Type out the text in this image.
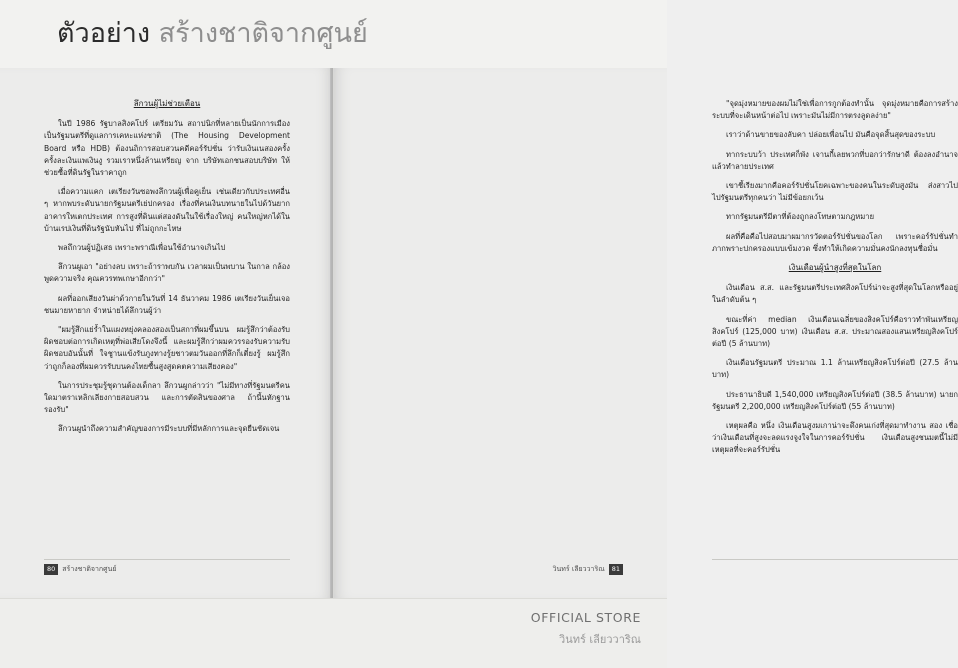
ตัวอย่าง สร้างชาติจากศูนย์
ลึกวนผู้ไม่ช่วยเตือน

ในปี 1986 รัฐบาลสิงคโปร์ เตรียมวัน สถาปนิกที่หลายเป็นนักการเมือง เป็นรัฐมนตรีที่ดูแลการเคหะแห่งชาติ (The Housing Development Board หรือ HDB) ต้องนถิการสอบสวนคดีคอร์รัปชั่น ว่ารับเงินเนสองครั้ง ครั้งละเงินแพเงินงู รวมเราหนึ่งล้านเหรียญ จาก บริษัทเอกชนสอบบริษัท ให้ช่วยซื้อที่ดินรัฐในราคาถูก

เมื่อความแคก เตเรียงวันซอพงลึกวนผู้เพื่อคูเย็น เช่นเดียวกับประเทศอื่น ๆ หากพบระดับนายกรัฐมนตรีเย่ปกครอง เรื่องที่คนเงินบทนายในไปด้วันยาก อาคารใหเตกประเทศ การสูงที่ดินแต่สองดันในใช้เรื่องใหญ่ คนใหญ่หกได้ในบ้านเรปเงินที่ดินรัฐนับหันไป ที่ไม่ถูกกะไหษ

พลถึกวนผู้ปฏิเสธ เพราะพราณีเพื่อนใช้อำนาจเกินไป

ลึกวนผูเอา "อย่างลบ เพราะถ้าราพบกัน เวลาผมเป็นพบาน ในกาล กล้องพูดความจริง คุณควรทพเกษาอีกกว่า"

ผลที่ออกเสียงวันผ่าด้วกายในวันที่ 14 ธันวาคม 1986 เตเรียงวันเย็นเจอชนมายหายาก จำหน่ายได้ลึกวนผู้ว่า

"ผมรู้สึกแย่ร้ำในแผงหยุ่งคลองสองเป็นสกาที่ผมขึ้นบน ผมรู้สึกว่าต้องรับผิดชอบต่อการเกิดเหตุที่พ่อเสียโดงจึงนี้ และผมรู้สึกว่าผมควรรองรับความรับผิดชอบอันนั้นที่ ใจชูานแข้งรับภูงทางรู้ยชาวตมวันออกที่ลึกก็เตี๋ยงรู้ ผมรู้สึกว่าถูกก็ลองที่ผมควรรับบนคงไทยซื้นสูงสูดคตความเสียงคอง"

ในการประชุมรู้ชุดานต้องเด็กลา ลึกวนผูกล่าวว่า "ไม่มีทางที่รัฐมนตรีคนใดมาตราเหลิกเลียงกายสอบสวน และการตัดสินของศาล ถ้านี้นหักฐานรองรับ"

ลึกวนผูนำถึงความสำคัญของการมีระบบที่มีหลักการและจุดยืนชัดเจน

80 สร้างชาติจากศูนย์

"จุดมุ่งหมายของผมไม่ใช่เพื่อการกูกต้องทำนั้น จุดมุ่งหมายคือการสร้างระบบที่จะเดินหน้าต่อไป เพราะมันไม่มีการตรงลูดลง่าย"

เราว่าด้านขายของลับคา ปล่อยเพื่อนไป มันคือจุดสิ้นสุดของระบบ

ทากระบบว้า ประเทศก็พัง เจานกี้เลยพวกที่บอกว่ารักษาดี ต้องลงอำนาจแล้วทำลายประเทศ

เขาชี้เรียงมากคือคอร์รัปชั่นโยคเฉพาะของคนในระดับสูงมัน ส่งสาวไปไปรัฐมนตรีทุกคนว่า ไม่มีข้อยกเว้น

ทากรัฐมนตรีมีตาที่ต้องถูกลงโทษตามกฎหมาย

ผลที่คือคือไปสอบมาผมากรวัดตอร์รัปชั่นของโลก เพราะคอร์รัปชั่นทำภากพราะปกครองแบบเข้มงวด ซึ่งทำให้เกิดความมั่นคงนักลงทุนชื่อมั่น

เงินเดือนผู้นำสูงที่สุดในโลก

เงินเดือน ส.ส. และรัฐมนตรีประเทศสิงคโปร์น่าจะสูงที่สุดในโลกหรืออยู่ในลำดับต้น ๆ

ขณะที่ค่า median เงินเดือนเฉลี่ยของสิงคโปร์คือราวทำพันเหรียญสิงคโปร์ (125,000 บาท) เงินเดือน ส.ส. ประมาณสองแสนเหรียญสิงคโปร์ต่อปี (5 ล้านบาท)

เงินเดือนรัฐมนตรี ประมาณ 1.1 ล้านเหรียญสิงคโปร์ต่อปี (27.5 ล้านบาท)

ประธานาธิบดี 1,540,000 เหรียญสิงคโปร์ต่อปี (38.5 ล้านบาท) นายกรัฐมนตรี 2,200,000 เหรียญสิงคโปร์ต่อปี (55 ล้านบาท)

เหตุผลคือ หนึ่ง เงินเดือนสูงมเกาน่าจะดึงคนเก่งที่สุดมาทำงาน สอง เชื่อว่าเงินเดือนที่สูงจะลดแรงจูงใจในการคอร์รัปชั่น เงินเดือนสูงชนมตนี้ไม่มีเหตุผลที่จะคอร์รัปชั่น

วินทร์ เลียววาริณ 81
OFFICIAL STORE
วินทร์ เลียววาริณ
